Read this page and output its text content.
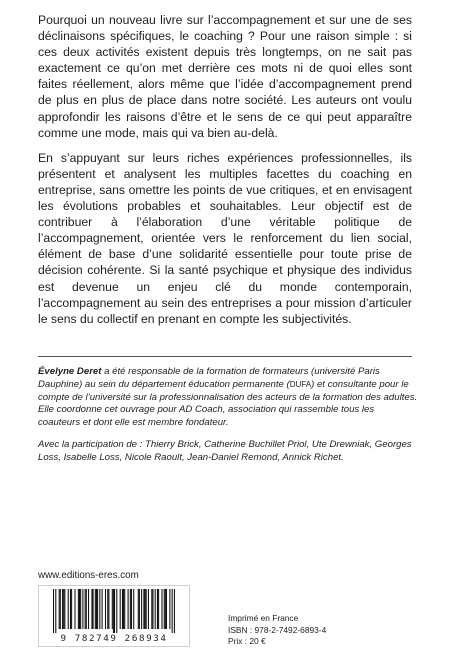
Pourquoi un nouveau livre sur l’accompagnement et sur une de ses déclinaisons spécifiques, le coaching ? Pour une raison simple : si ces deux activités existent depuis très longtemps, on ne sait pas exactement ce qu’on met derrière ces mots ni de quoi elles sont faites réellement, alors même que l’idée d’accompagnement prend de plus en plus de place dans notre société. Les auteurs ont voulu approfondir les raisons d’être et le sens de ce qui peut apparaître comme une mode, mais qui va bien au-delà.

En s’appuyant sur leurs riches expériences professionnelles, ils présentent et analysent les multiples facettes du coaching en entreprise, sans omettre les points de vue critiques, et en envisagent les évolutions probables et souhaitables. Leur objectif est de contribuer à l’élaboration d’une véritable politique de l’accompagnement, orientée vers le renforcement du lien social, élément de base d’une solidarité essentielle pour toute prise de décision cohérente. Si la santé psychique et physique des individus est devenue un enjeu clé du monde contemporain, l’accompagnement au sein des entreprises a pour mission d’articuler le sens du collectif en prenant en compte les subjectivités.

Évelyne Deret a été responsable de la formation de formateurs (université Paris Dauphine) au sein du département éducation permanente (DUFA) et consultante pour le compte de l’université sur la professionnalisation des acteurs de la formation des adultes. Elle coordonne cet ouvrage pour AD Coach, association qui rassemble tous les coauteurs et dont elle est membre fondateur.

Avec la participation de : Thierry Brick, Catherine Buchillet Priol, Ute Drewniak, Georges Loss, Isabelle Loss, Nicole Raoult, Jean-Daniel Remond, Annick Richet.

www.editions-eres.com
9 782749 268934
Imprimé en France
ISBN : 978-2-7492-6893-4
Prix : 20 €
